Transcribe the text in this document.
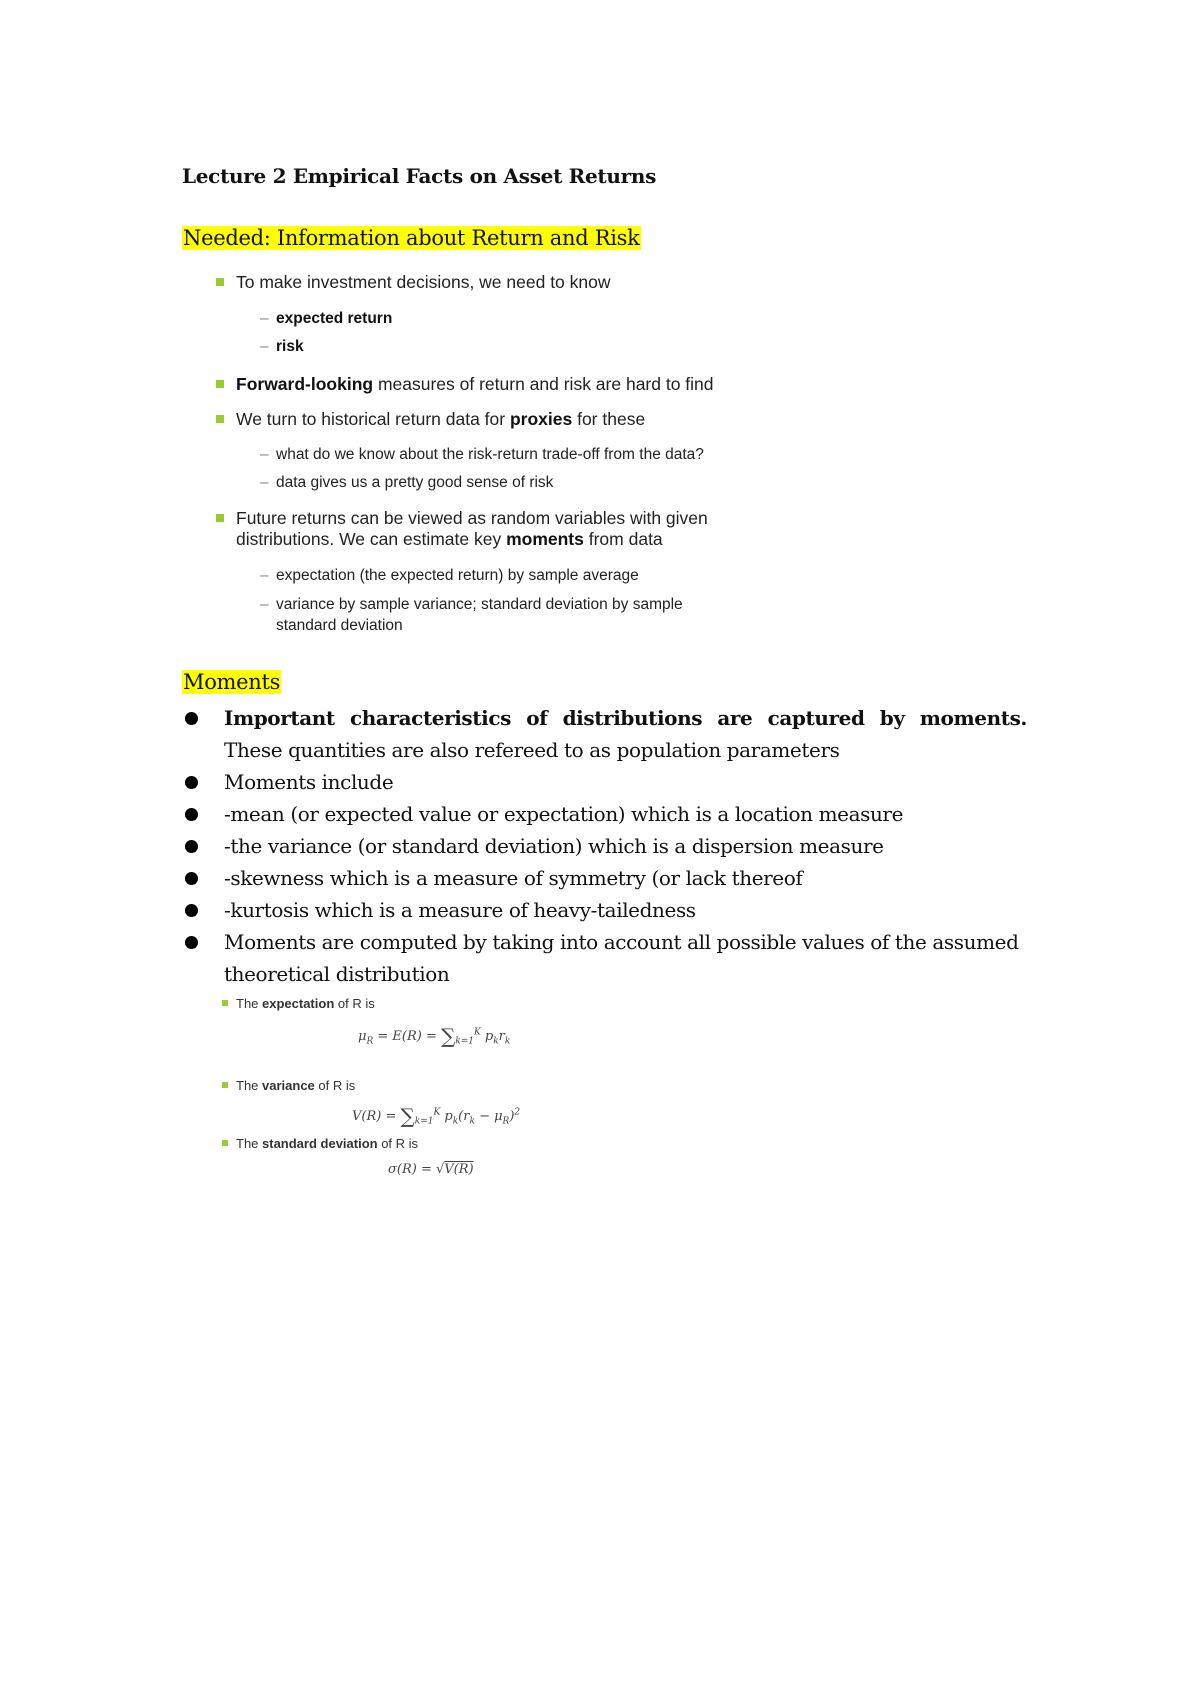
Lecture 2 Empirical Facts on Asset Returns
Needed: Information about Return and Risk
To make investment decisions, we need to know
– expected return
– risk
Forward-looking measures of return and risk are hard to find
We turn to historical return data for proxies for these
– what do we know about the risk-return trade-off from the data?
– data gives us a pretty good sense of risk
Future returns can be viewed as random variables with given
distributions. We can estimate key moments from data
– expectation (the expected return) by sample average
– variance by sample variance; standard deviation by sample
standard deviation
Moments
Important characteristics of distributions are captured by moments. These quantities are also refereed to as population parameters
Moments include
-mean (or expected value or expectation) which is a location measure
-the variance (or standard deviation) which is a dispersion measure
-skewness which is a measure of symmetry (or lack thereof
-kurtosis which is a measure of heavy-tailedness
Moments are computed by taking into account all possible values of the assumed theoretical distribution
The expectation of R is
$\mu_R = E(R) = \sum_{k=1}^K$ $p_kr_k$
The variance of R is
$V(R) = \sum_{k=1}^K$ $p_k(r_k - \mu_R)^2$
The standard deviation of R is
σ(R) = √V(R)
